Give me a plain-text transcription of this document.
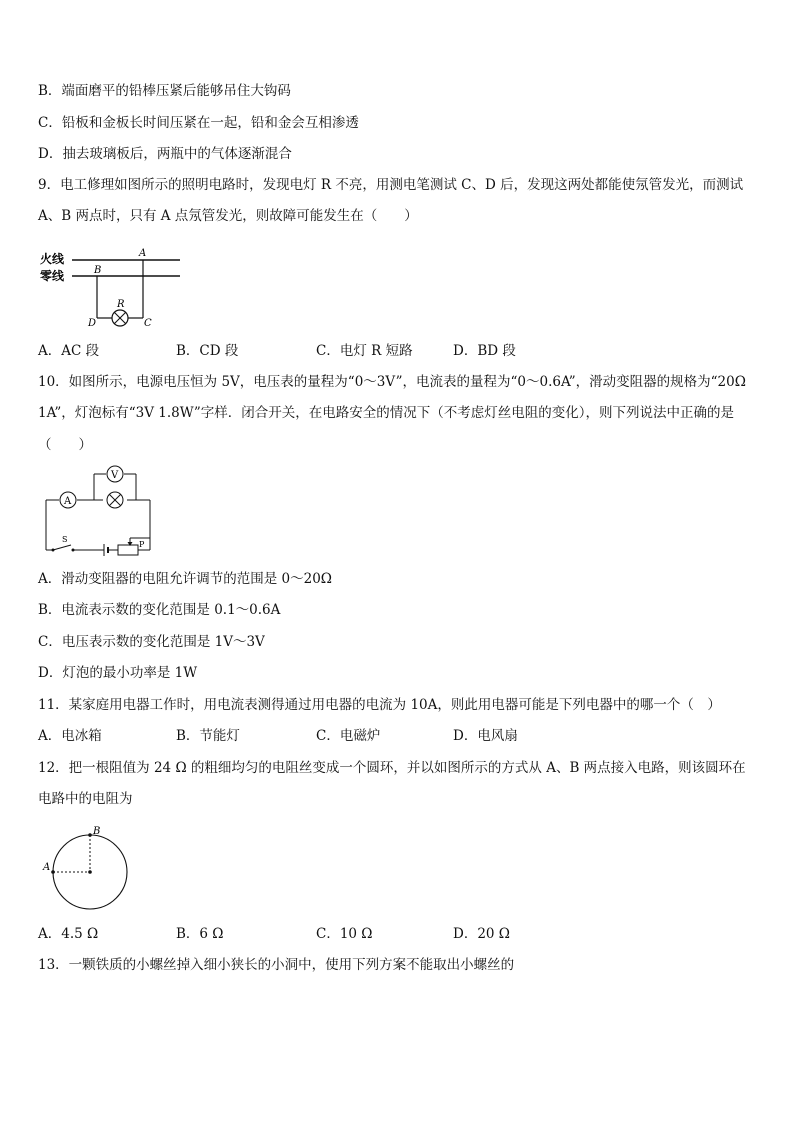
B．端面磨平的铅棒压紧后能够吊住大钩码
C．铅板和金板长时间压紧在一起，铅和金会互相渗透
D．抽去玻璃板后，两瓶中的气体逐渐混合
9．电工修理如图所示的照明电路时，发现电灯 R 不亮，用测电笔测试 C、D 后，发现这两处都能使氖管发光，而测试
A、B 两点时，只有 A 点氖管发光，则故障可能发生在（　　）
火线
零线
A
B
R
D	C
A．AC 段	B．CD 段	C．电灯 R 短路	D．BD 段
10．如图所示，电源电压恒为 5V，电压表的量程为“0～3V”，电流表的量程为“0～0.6A”，滑动变阻器的规格为“20Ω
1A”，灯泡标有“3V 1.8W”字样．闭合开关，在电路安全的情况下（不考虑灯丝电阻的变化），则下列说法中正确的是
（　　）
V
A
S
P
A．滑动变阻器的电阻允许调节的范围是 0～20Ω
B．电流表示数的变化范围是 0.1～0.6A
C．电压表示数的变化范围是 1V～3V
D．灯泡的最小功率是 1W
11．某家庭用电器工作时，用电流表测得通过用电器的电流为 10A，则此用电器可能是下列电器中的哪一个（　）
A．电冰箱	B．节能灯	C．电磁炉	D．电风扇
12．把一根阻值为 24 Ω 的粗细均匀的电阻丝变成一个圆环，并以如图所示的方式从 A、B 两点接入电路，则该圆环在
电路中的电阻为
B
A
A．4.5 Ω	B．6 Ω	C．10 Ω	D．20 Ω
13．一颗铁质的小螺丝掉入细小狭长的小洞中，使用下列方案不能取出小螺丝的
